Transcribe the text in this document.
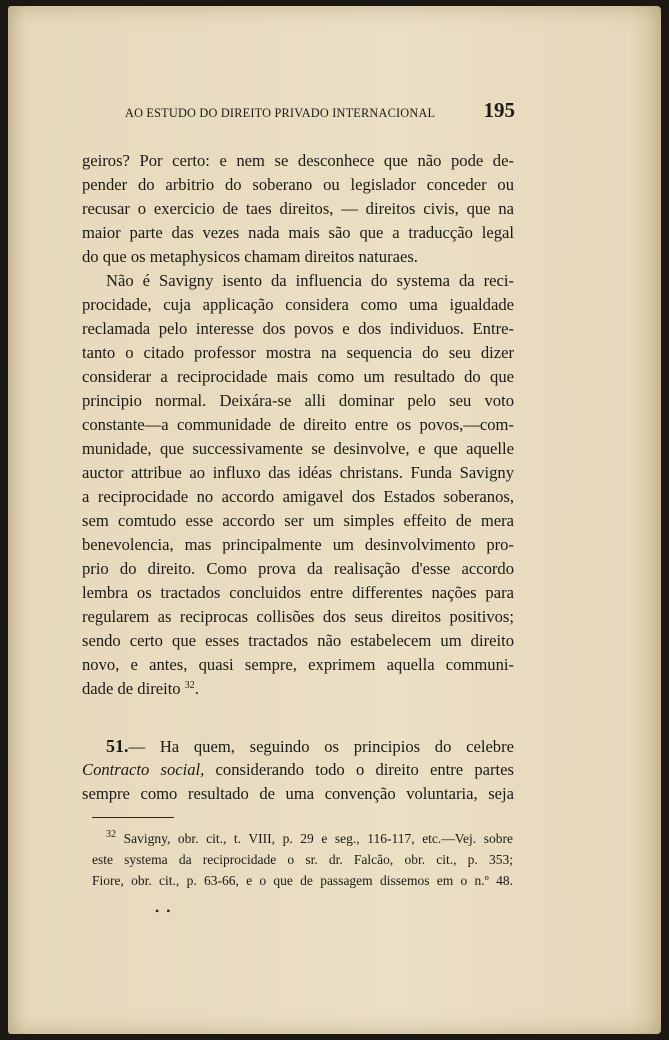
AO ESTUDO DO DIREITO PRIVADO INTERNACIONAL 195
geiros? Por certo: e nem se desconhece que não pode de-
pender do arbitrio do soberano ou legislador conceder ou
recusar o exercicio de taes direitos, — direitos civis, que na
maior parte das vezes nada mais são que a traducção legal
do que os metaphysicos chamam direitos naturaes.
Não é Savigny isento da influencia do systema da reci-
procidade, cuja applicação considera como uma igualdade
reclamada pelo interesse dos povos e dos individuos. Entre-
tanto o citado professor mostra na sequencia do seu dizer
considerar a reciprocidade mais como um resultado do que
principio normal. Deixára-se alli dominar pelo seu voto
constante—a communidade de direito entre os povos,—com-
munidade, que successivamente se desinvolve, e que aquelle
auctor attribue ao influxo das idéas christans. Funda Savigny
a reciprocidade no accordo amigavel dos Estados soberanos,
sem comtudo esse accordo ser um simples effeito de mera
benevolencia, mas principalmente um desinvolvimento pro-
prio do direito. Como prova da realisação d'esse accordo
lembra os tractados concluidos entre differentes nações para
regularem as reciprocas collisões dos seus direitos positivos;
sendo certo que esses tractados não estabelecem um direito
novo, e antes, quasi sempre, exprimem aquella communi-
dade de direito $^{32}$.
51.— Ha quem, seguindo os principios do celebre
Contracto social, considerando todo o direito entre partes
sempre como resultado de uma convenção voluntaria, seja
$^{32}$ Savigny, obr. cit., t. VIII, p. 29 e seg., 116-117, etc.—Vej. sobre
este systema da reciprocidade o sr. dr. Falcão, obr. cit., p. 353;
Fiore, obr. cit., p. 63-66, e o que de passagem dissemos em o n.º 48.
• •
